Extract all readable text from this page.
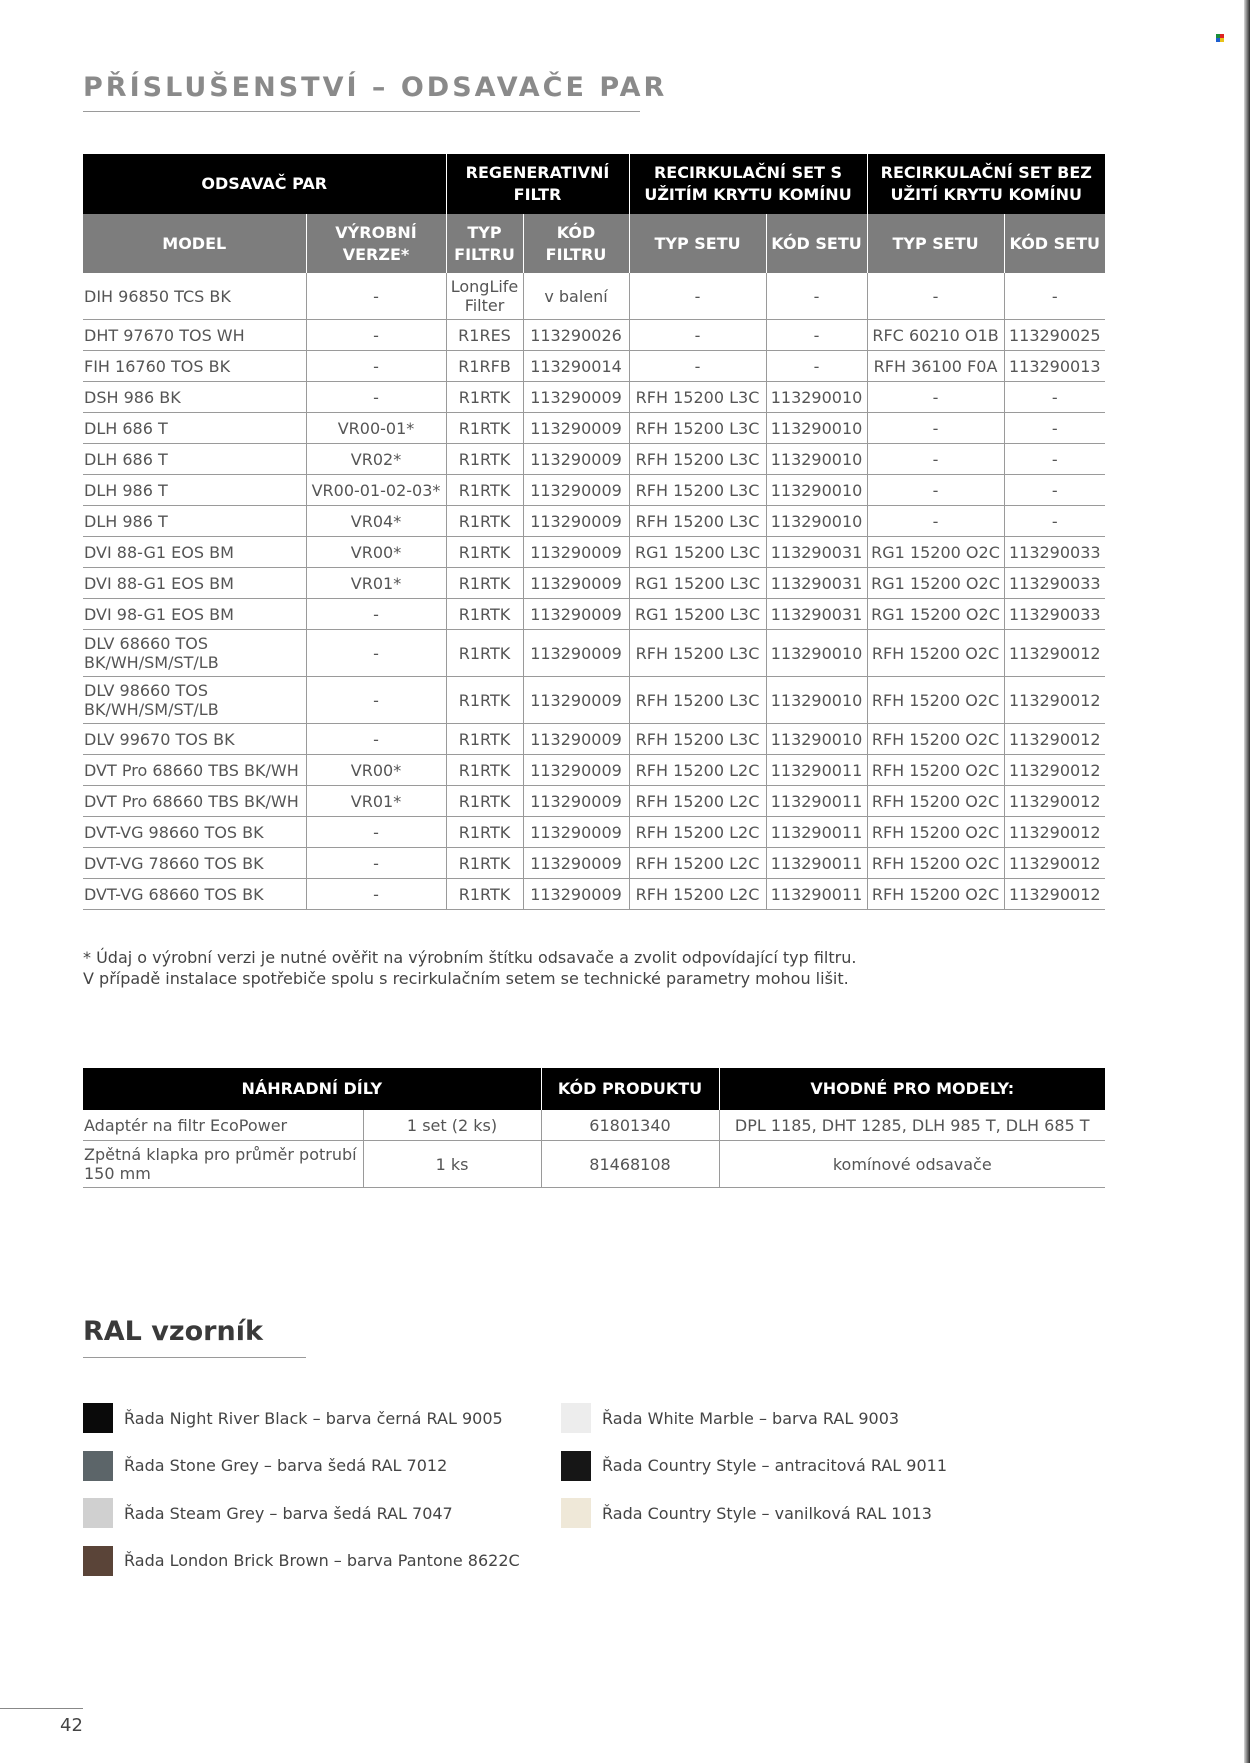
PŘÍSLUŠENSTVÍ – ODSAVAČE PAR
ODSAVAČ PAR		REGENERATIVNÍ FILTR		RECIRKULAČNÍ SET S UŽITÍM KRYTU KOMÍNU		RECIRKULAČNÍ SET BEZ UŽITÍ KRYTU KOMÍNU	
MODEL	VÝROBNÍ VERZE*	TYP FILTRU	KÓD FILTRU	TYP SETU	KÓD SETU	TYP SETU	KÓD SETU
DIH 96850 TCS BK	-	LongLife Filter	v balení	-	-	-	-
DHT 97670 TOS WH	-	R1RES	113290026	-	-	RFC 60210 O1B	113290025
FIH 16760 TOS BK	-	R1RFB	113290014	-	-	RFH 36100 F0A	113290013
DSH 986 BK	-	R1RTK	113290009	RFH 15200 L3C	113290010	-	-
DLH 686 T	VR00-01*	R1RTK	113290009	RFH 15200 L3C	113290010	-	-
DLH 686 T	VR02*	R1RTK	113290009	RFH 15200 L3C	113290010	-	-
DLH 986 T	VR00-01-02-03*	R1RTK	113290009	RFH 15200 L3C	113290010	-	-
DLH 986 T	VR04*	R1RTK	113290009	RFH 15200 L3C	113290010	-	-
DVI 88-G1 EOS BM	VR00*	R1RTK	113290009	RG1 15200 L3C	113290031	RG1 15200 O2C	113290033
DVI 88-G1 EOS BM	VR01*	R1RTK	113290009	RG1 15200 L3C	113290031	RG1 15200 O2C	113290033
DVI 98-G1 EOS BM	-	R1RTK	113290009	RG1 15200 L3C	113290031	RG1 15200 O2C	113290033
DLV 68660 TOS BK/WH/SM/ST/LB	-	R1RTK	113290009	RFH 15200 L3C	113290010	RFH 15200 O2C	113290012
DLV 98660 TOS BK/WH/SM/ST/LB	-	R1RTK	113290009	RFH 15200 L3C	113290010	RFH 15200 O2C	113290012
DLV 99670 TOS BK	-	R1RTK	113290009	RFH 15200 L3C	113290010	RFH 15200 O2C	113290012
DVT Pro 68660 TBS BK/WH	VR00*	R1RTK	113290009	RFH 15200 L2C	113290011	RFH 15200 O2C	113290012
DVT Pro 68660 TBS BK/WH	VR01*	R1RTK	113290009	RFH 15200 L2C	113290011	RFH 15200 O2C	113290012
DVT-VG 98660 TOS BK	-	R1RTK	113290009	RFH 15200 L2C	113290011	RFH 15200 O2C	113290012
DVT-VG 78660 TOS BK	-	R1RTK	113290009	RFH 15200 L2C	113290011	RFH 15200 O2C	113290012
DVT-VG 68660 TOS BK	-	R1RTK	113290009	RFH 15200 L2C	113290011	RFH 15200 O2C	113290012

* Údaj o výrobní verzi je nutné ověřit na výrobním štítku odsavače a zvolit odpovídající typ filtru.
V případě instalace spotřebiče spolu s recirkulačním setem se technické parametry mohou lišit.

NÁHRADNÍ DÍLY		KÓD PRODUKTU	VHODNÉ PRO MODELY:
Adaptér na filtr EcoPower	1 set (2 ks)	61801340	DPL 1185, DHT 1285, DLH 985 T, DLH 685 T
Zpětná klapka pro průměr potrubí 150 mm	1 ks	81468108	komínové odsavače
RAL vzorník
Řada Night River Black – barva černá RAL 9005
Řada Stone Grey – barva šedá RAL 7012
Řada Steam Grey – barva šedá RAL 7047
Řada London Brick Brown – barva Pantone 8622C
Řada White Marble – barva RAL 9003
Řada Country Style – antracitová RAL 9011
Řada Country Style – vanilková RAL 1013
42
